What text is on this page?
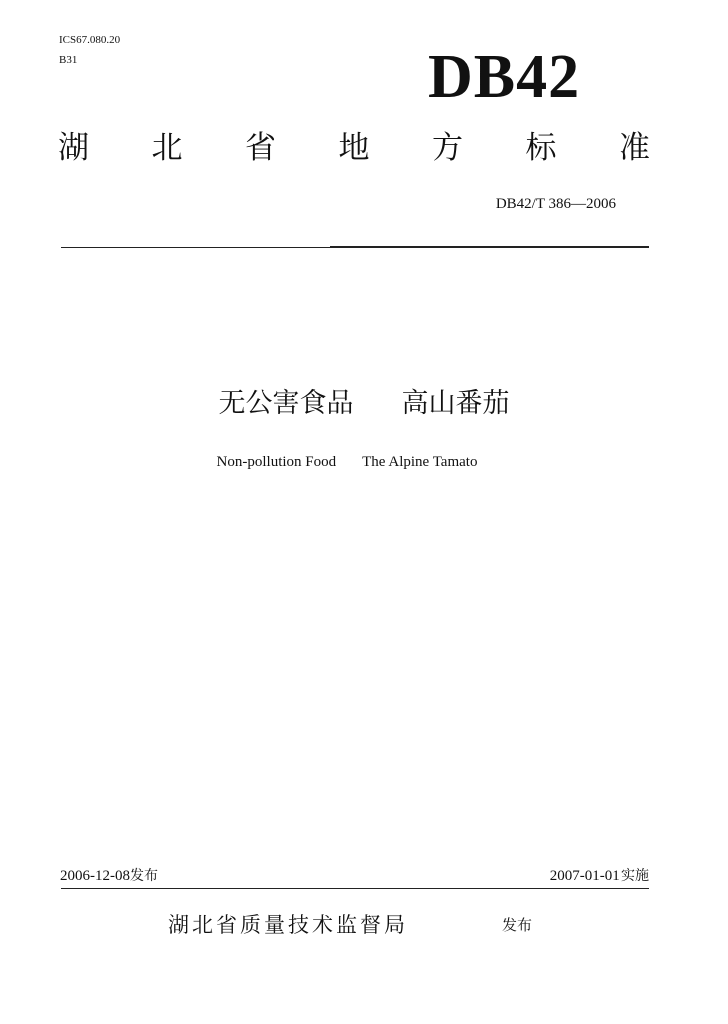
ICS67.080.20
B31	DB42
湖 北 省 地 方 标 准
DB42/T 386—2006
无公害食品 高山番茄
Non-pollution Food The Alpine Tamato
2006-12-08发布	2007-01-01 实施
湖北省质量技术监督局	发布
